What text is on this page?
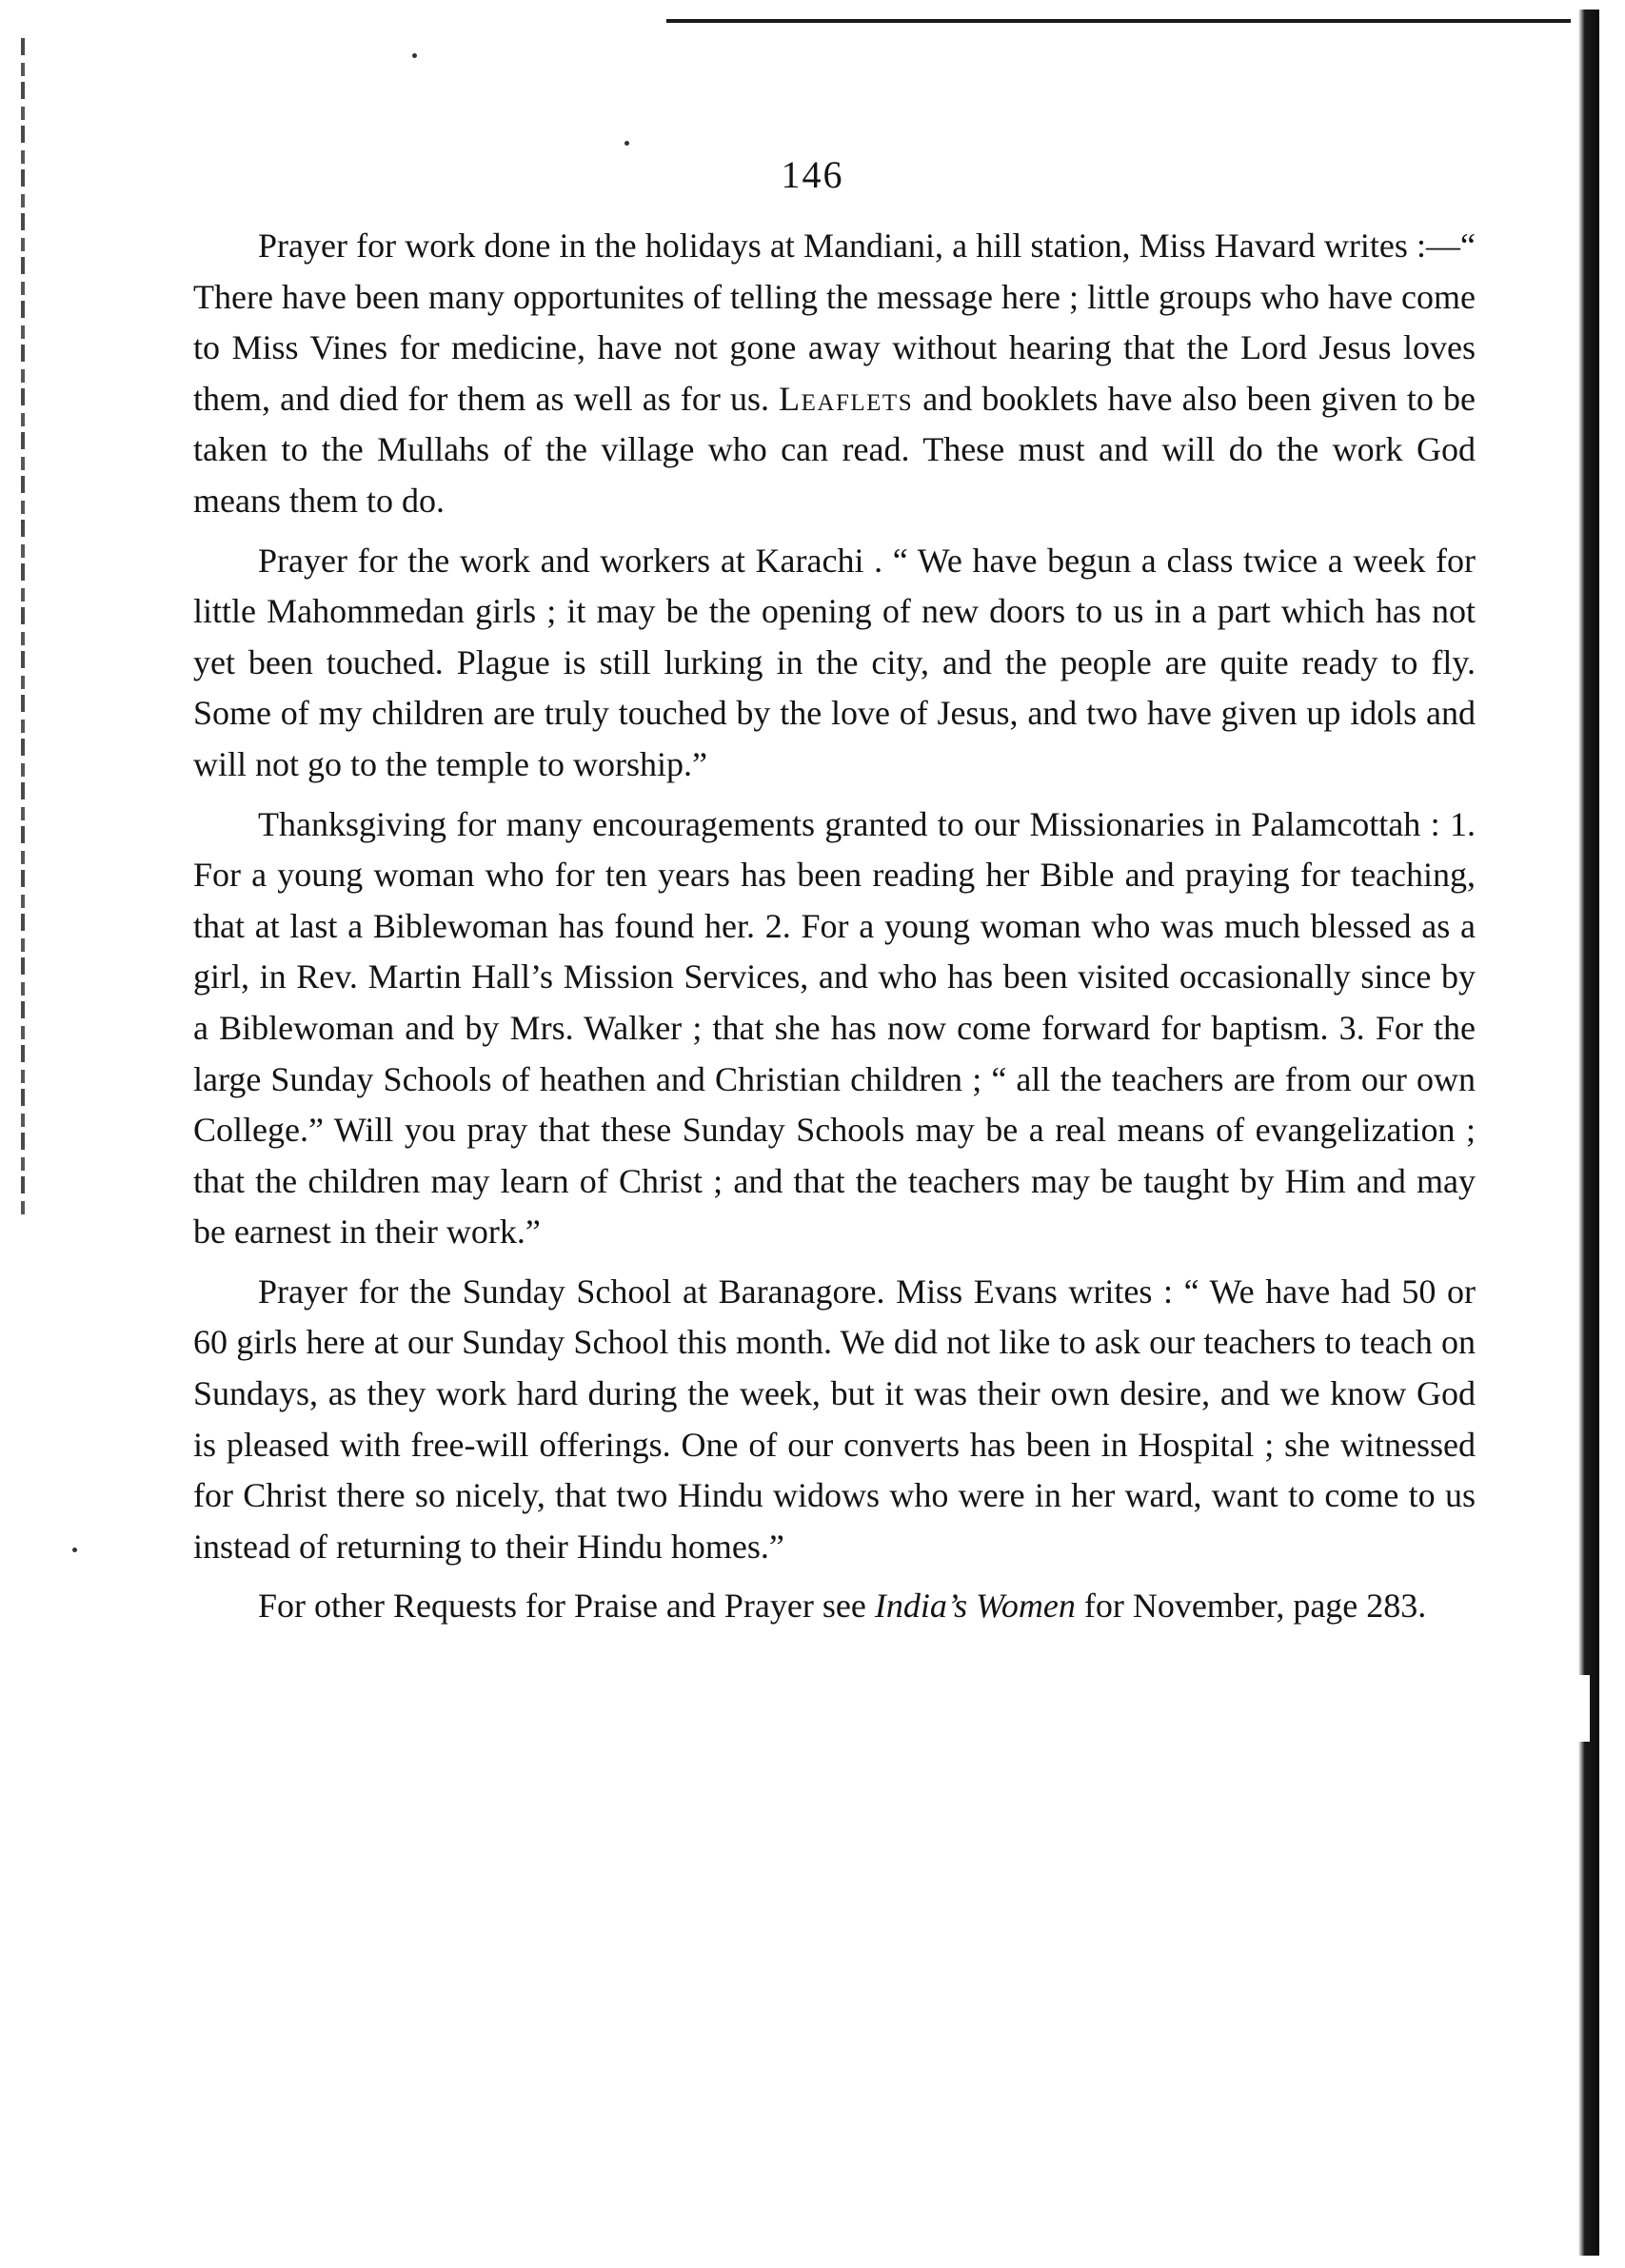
146

Prayer for work done in the holidays at Mandiani, a hill station, Miss Havard writes :—“ There have been many opportunites of telling the message here ; little groups who have come to Miss Vines for medicine, have not gone away without hearing that the Lord Jesus loves them, and died for them as well as for us. Leaflets and booklets have also been given to be taken to the Mullahs of the village who can read. These must and will do the work God means them to do.

Prayer for the work and workers at Karachi . “ We have begun a class twice a week for little Mahommedan girls ; it may be the opening of new doors to us in a part which has not yet been touched. Plague is still lurking in the city, and the people are quite ready to fly. Some of my children are truly touched by the love of Jesus, and two have given up idols and will not go to the temple to worship.”

Thanksgiving for many encouragements granted to our Missionaries in Palamcottah : 1. For a young woman who for ten years has been reading her Bible and praying for teaching, that at last a Biblewoman has found her. 2. For a young woman who was much blessed as a girl, in Rev. Martin Hall’s Mission Services, and who has been visited occasionally since by a Biblewoman and by Mrs. Walker ; that she has now come forward for baptism. 3. For the large Sunday Schools of heathen and Christian children ; “ all the teachers are from our own College.” Will you pray that these Sunday Schools may be a real means of evangelization ; that the children may learn of Christ ; and that the teachers may be taught by Him and may be earnest in their work.”

Prayer for the Sunday School at Baranagore. Miss Evans writes : “ We have had 50 or 60 girls here at our Sunday School this month. We did not like to ask our teachers to teach on Sundays, as they work hard during the week, but it was their own desire, and we know God is pleased with free-will offerings. One of our converts has been in Hospital ; she witnessed for Christ there so nicely, that two Hindu widows who were in her ward, want to come to us instead of returning to their Hindu homes.”

For other Requests for Praise and Prayer see India’s Women for November, page 283.
